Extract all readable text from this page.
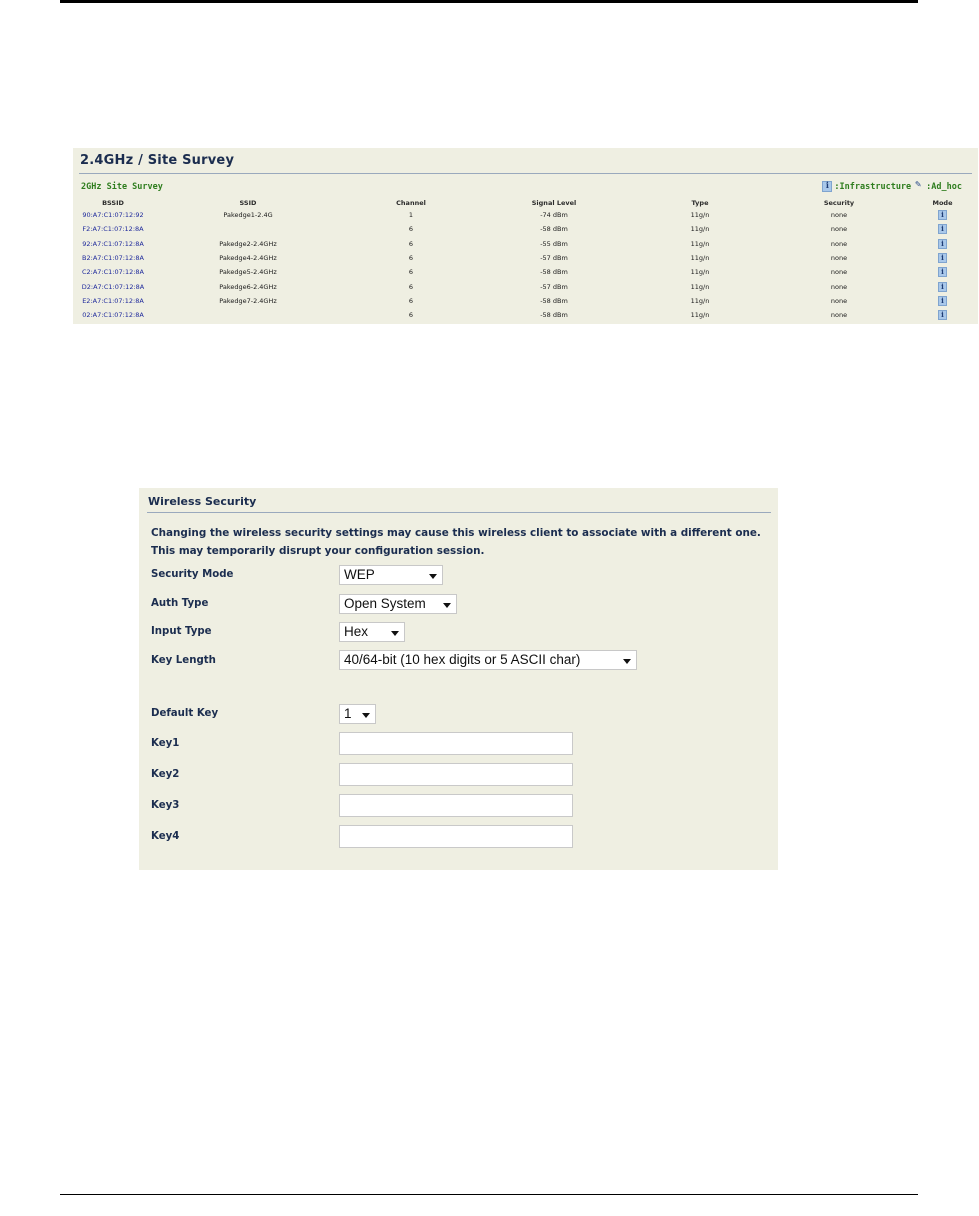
2.4GHz / Site Survey
2GHz Site Survey i	:Infrastructure ✎ :Ad_hoc
BSSID	SSID	Channel	Signal Level	Type	Security	Mode
90:A7:C1:07:12:92	Pakedge1-2.4G	1	-74 dBm	11g/n	none	i
F2:A7:C1:07:12:8A		6	-58 dBm	11g/n	none	i
92:A7:C1:07:12:8A	Pakedge2-2.4GHz	6	-55 dBm	11g/n	none	i
B2:A7:C1:07:12:8A	Pakedge4-2.4GHz	6	-57 dBm	11g/n	none	i
C2:A7:C1:07:12:8A	Pakedge5-2.4GHz	6	-58 dBm	11g/n	none	i
D2:A7:C1:07:12:8A	Pakedge6-2.4GHz	6	-57 dBm	11g/n	none	i
E2:A7:C1:07:12:8A	Pakedge7-2.4GHz	6	-58 dBm	11g/n	none	i
02:A7:C1:07:12:8A		6	-58 dBm	11g/n	none	i
Wireless Security
Changing the wireless security settings may cause this wireless client to associate with a different one. This may temporarily disrupt your configuration session.
Security Mode	WEP
Auth Type	Open System
Input Type	Hex
Key Length	40/64-bit (10 hex digits or 5 ASCII char)
Default Key	1
Key1
Key2
Key3
Key4
